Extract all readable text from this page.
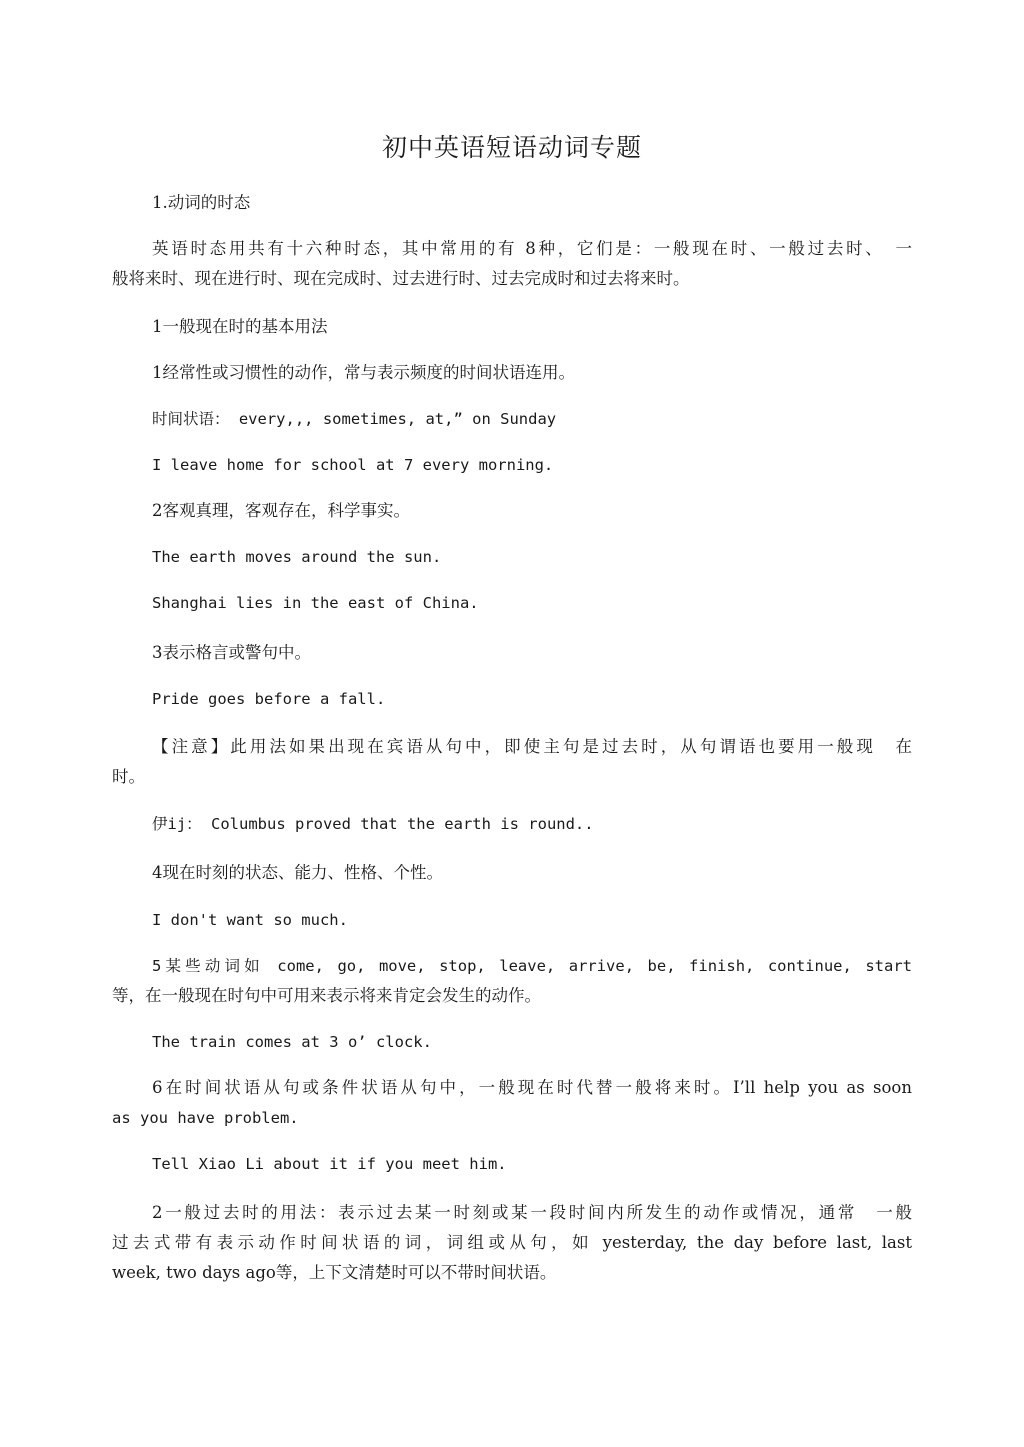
初中英语短语动词专题
1.动词的时态
英语时态用共有十六种时态，其中常用的有 8种，它们是：一般现在时、一般过去时、　一
般将来时、现在进行时、现在完成时、过去进行时、过去完成时和过去将来时。
1一般现在时的基本用法
1经常性或习惯性的动作，常与表示频度的时间状语连用。
时间状语： every,,, sometimes, at,” on Sunday
I leave home for school at 7 every morning.
2客观真理，客观存在，科学事实。
The earth moves around the sun.
Shanghai lies in the east of China.
3表示格言或警句中。
Pride goes before a fall.
【注意】此用法如果出现在宾语从句中，即使主句是过去时，从句谓语也要用一般现　在
时。
伊ij： Columbus proved that the earth is round..
4现在时刻的状态、能力、性格、个性。
I don't want so much.
5某些动词如 come, go, move, stop, leave, arrive, be, finish, continue, start
等，在一般现在时句中可用来表示将来肯定会发生的动作。
The train comes at 3 o’ clock.
6在时间状语从句或条件状语从句中，一般现在时代替一般将来时。I’ll help you as soon
as you have problem.
Tell Xiao Li about it if you meet him.
2一般过去时的用法：表示过去某一时刻或某一段时间内所发生的动作或情况，通常　一般
过去式带有表示动作时间状语的词，词组或从句，如 yesterday, the day before last, last
week, two days ago等，上下文清楚时可以不带时间状语。
